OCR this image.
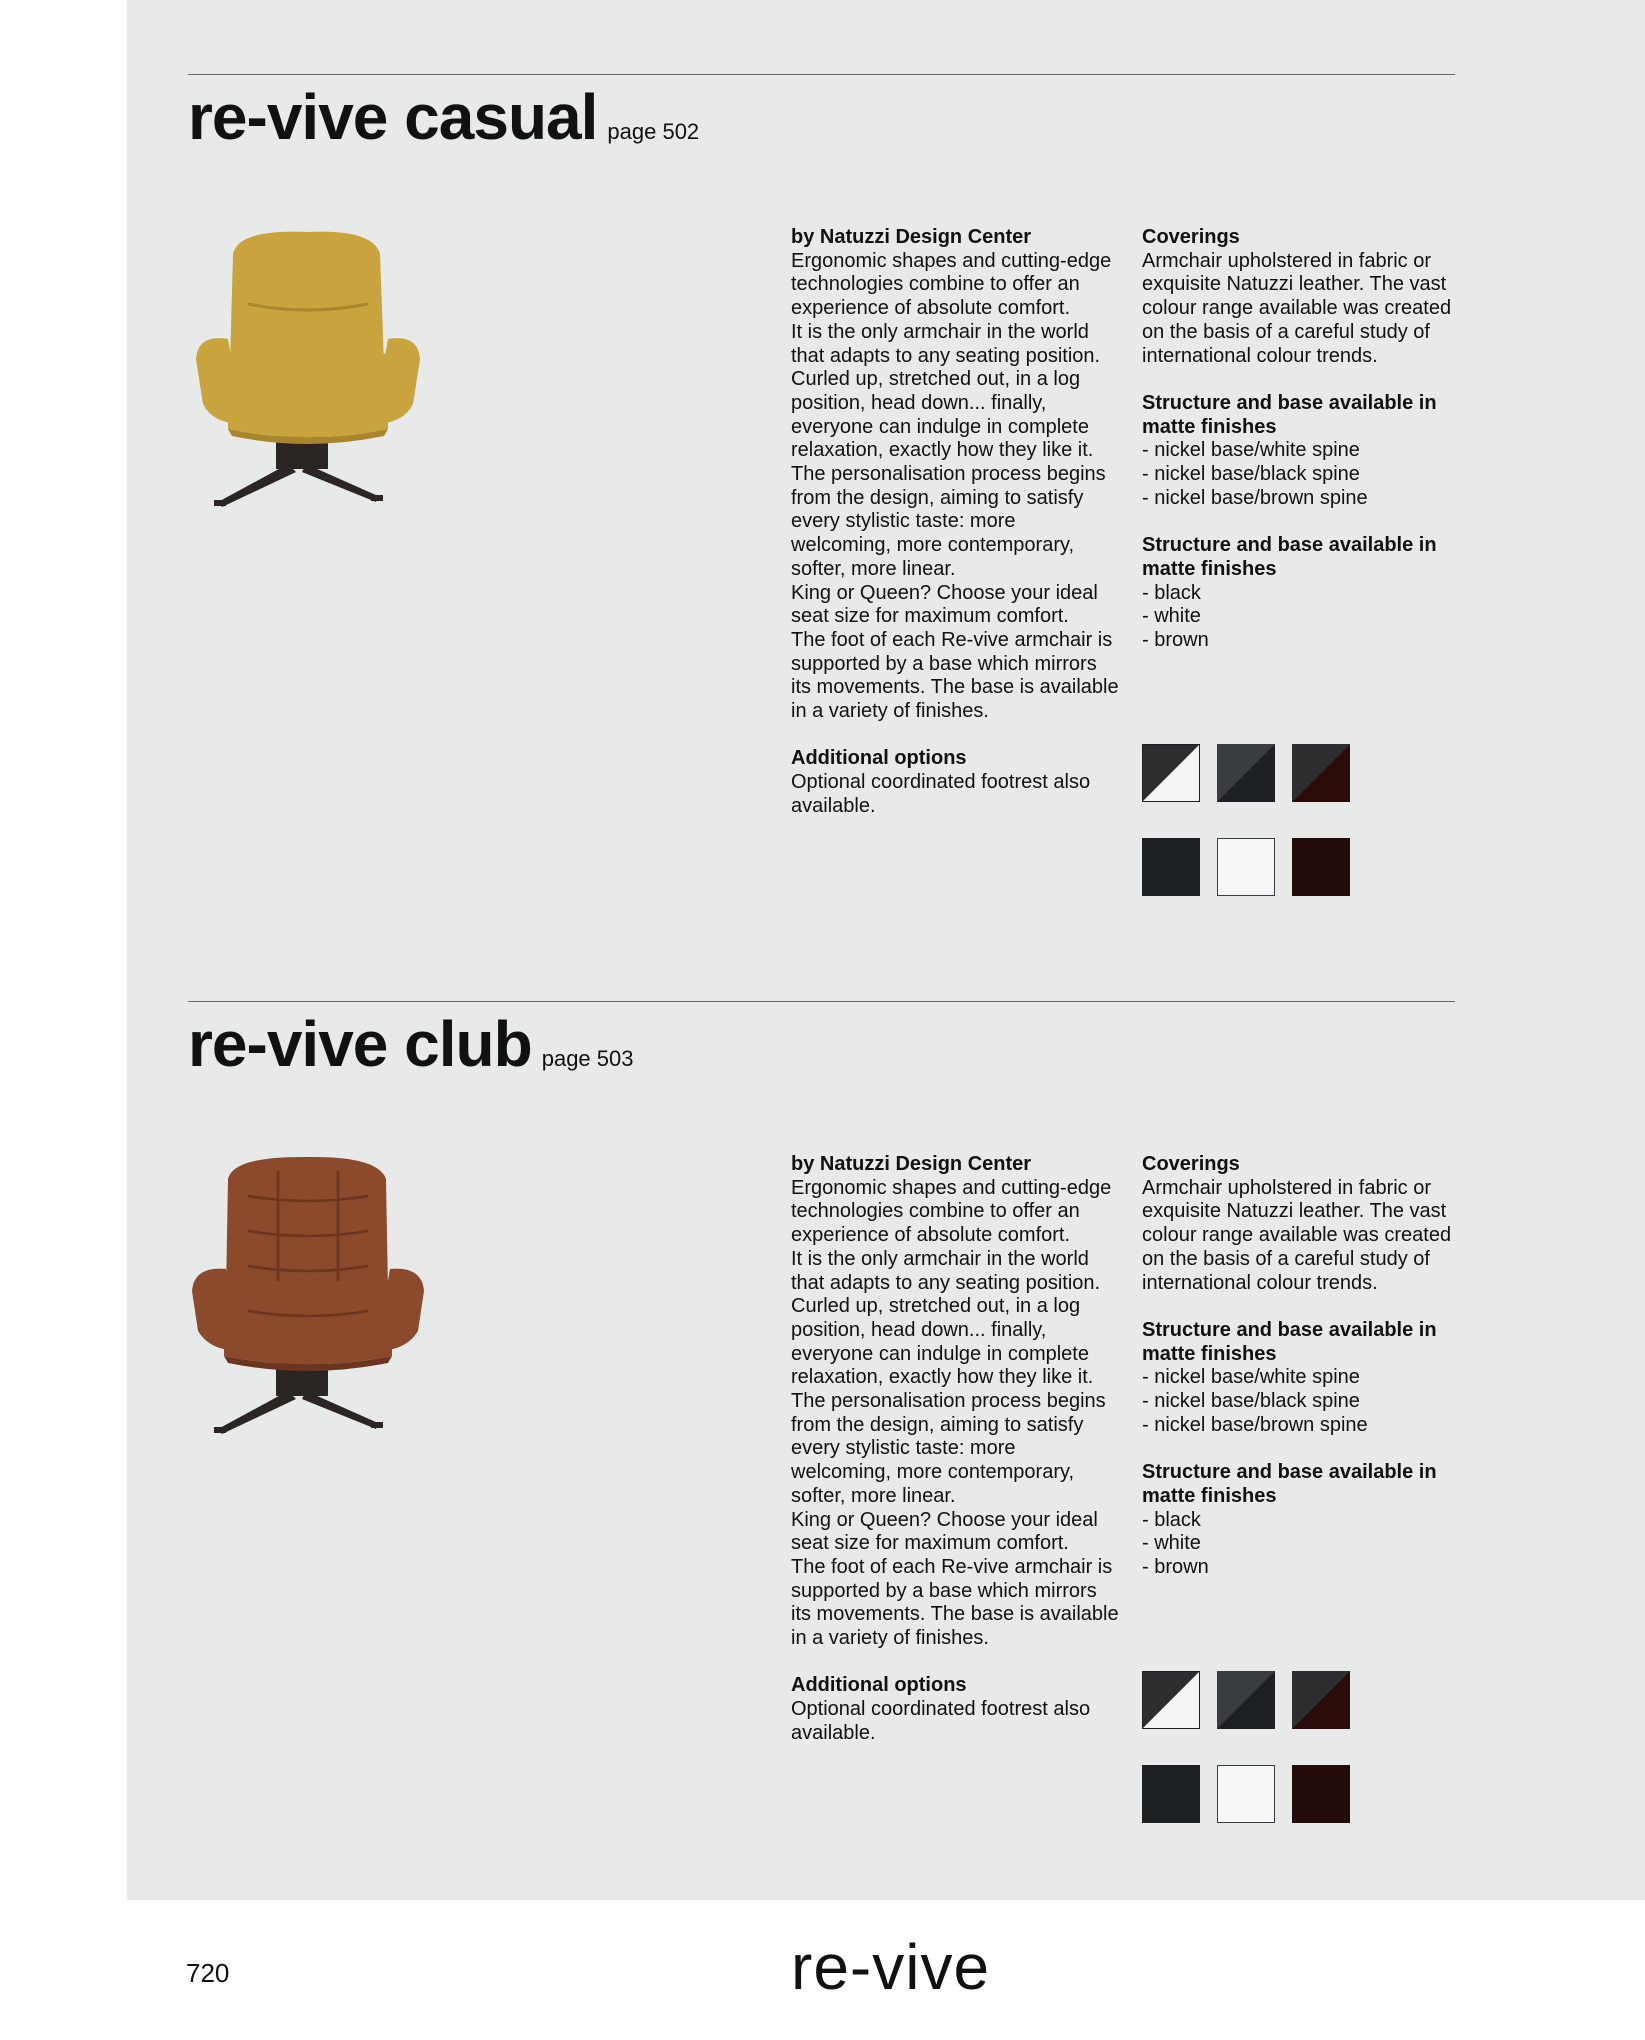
re-vive casual page 502

by Natuzzi Design Center

Ergonomic shapes and cutting-edge technologies combine to offer an experience of absolute comfort.
It is the only armchair in the world that adapts to any seating position. Curled up, stretched out, in a log position, head down... finally, everyone can indulge in complete relaxation, exactly how they like it.
The personalisation process begins from the design, aiming to satisfy every stylistic taste: more welcoming, more contemporary, softer, more linear.
King or Queen? Choose your ideal seat size for maximum comfort.
The foot of each Re-vive armchair is supported by a base which mirrors its movements. The base is available in a variety of finishes.

Additional options

Optional coordinated footrest also available.

Coverings

Armchair upholstered in fabric or exquisite Natuzzi leather. The vast colour range available was created on the basis of a careful study of international colour trends.

Structure and base available in matte finishes

- nickel base/white spine

- nickel base/black spine

- nickel base/brown spine

Structure and base available in matte finishes

- black

- white

- brown

re-vive club page 503

by Natuzzi Design Center

Ergonomic shapes and cutting-edge technologies combine to offer an experience of absolute comfort.
It is the only armchair in the world that adapts to any seating position. Curled up, stretched out, in a log position, head down... finally, everyone can indulge in complete relaxation, exactly how they like it.
The personalisation process begins from the design, aiming to satisfy every stylistic taste: more welcoming, more contemporary, softer, more linear.
King or Queen? Choose your ideal seat size for maximum comfort.
The foot of each Re-vive armchair is supported by a base which mirrors its movements. The base is available in a variety of finishes.

Additional options

Optional coordinated footrest also available.

Coverings

Armchair upholstered in fabric or exquisite Natuzzi leather. The vast colour range available was created on the basis of a careful study of international colour trends.

Structure and base available in matte finishes

- nickel base/white spine

- nickel base/black spine

- nickel base/brown spine

Structure and base available in matte finishes

- black

- white

- brown

720	re-vive
